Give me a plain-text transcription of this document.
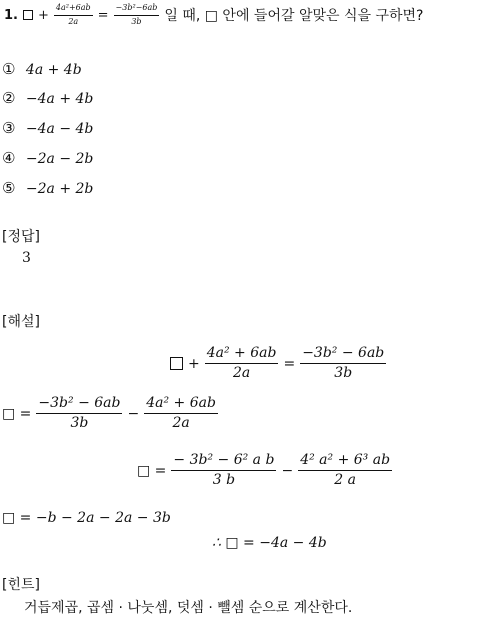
1. + $\frac{\text{4a²+6ab}}{2a} = \frac{\text{−3b²−6ab}}{3b}$ 일 때, □ 안에 들어갈 알맞은 식을 구하면?
① 4a + 4b
② −4a + 4b
③ −4a − 4b
④ −2a − 2b
⑤ −2a + 2b
[정답]
3
[해설]
+ $\frac{\text{4a² + 6ab}}{2a} = \frac{\text{−3b² − 6ab}}{3b}$
□ = $\frac{\text{−3b² − 6ab}}{3b} - \frac{\text{4a² + 6ab}}{2a}$
□ = $\frac{\text{− 3b² − 6² a b}}{3 b} - \frac{\text{4² a² + 6³ ab}}{2 a}$
□ = −b − 2a − 2a − 3b
∴ □ = −4a − 4b
[힌트]
거듭제곱, 곱셈 · 나눗셈, 덧셈 · 뺄셈 순으로 계산한다.
